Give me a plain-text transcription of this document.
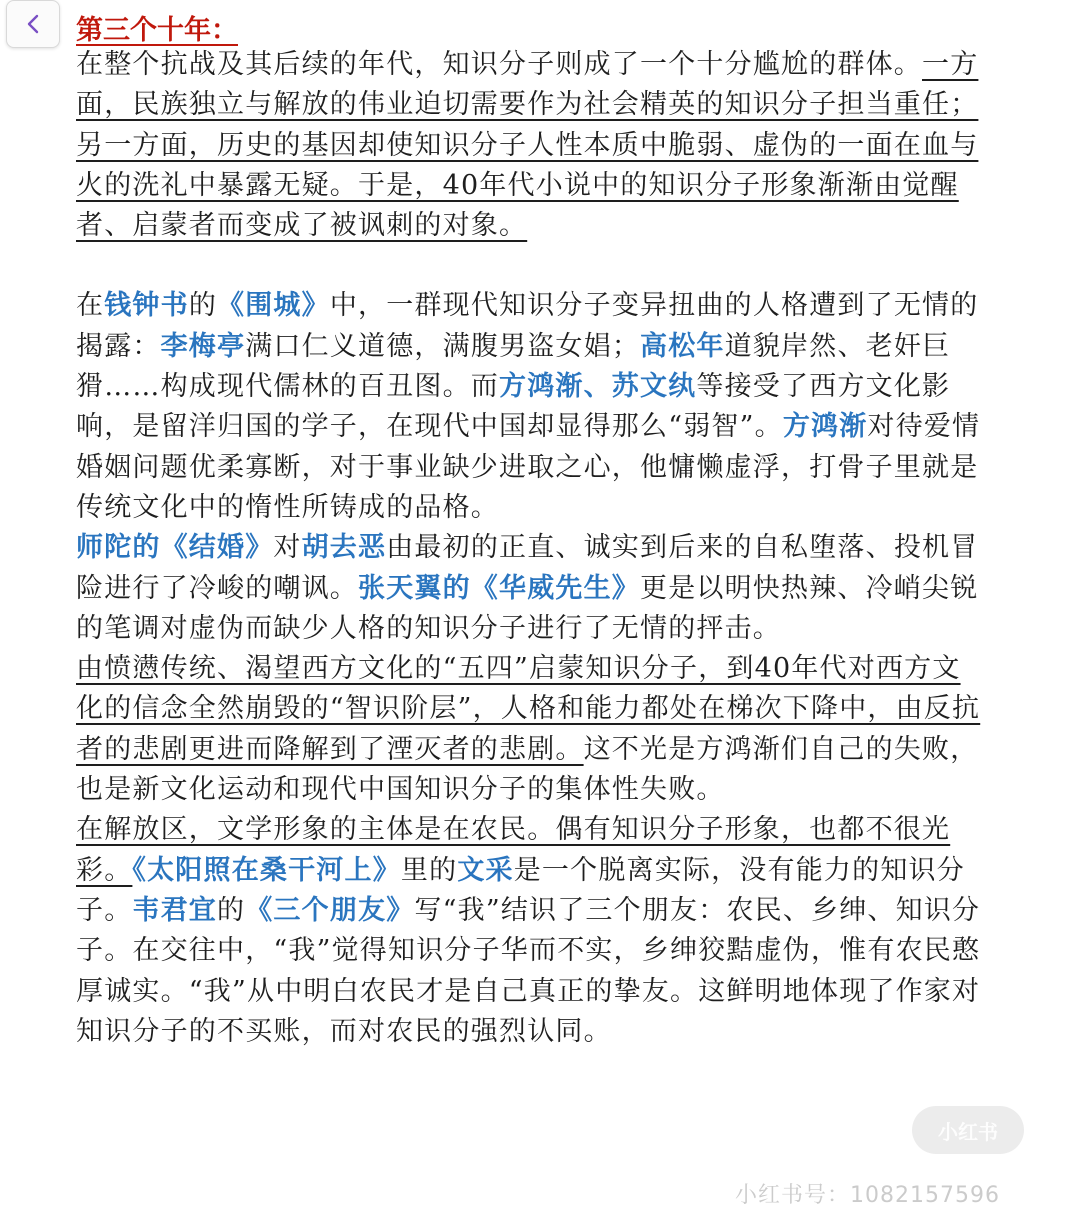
第三个十年：

在整个抗战及其后续的年代，知识分子则成了一个十分尴尬的群体。一方面，民族独立与解放的伟业迫切需要作为社会精英的知识分子担当重任；另一方面，历史的基因却使知识分子人性本质中脆弱、虚伪的一面在血与火的洗礼中暴露无疑。于是，40年代小说中的知识分子形象渐渐由觉醒者、启蒙者而变成了被讽刺的对象。

在钱钟书的《围城》中，一群现代知识分子变异扭曲的人格遭到了无情的揭露：李梅亭满口仁义道德，满腹男盗女娼；高松年道貌岸然、老奸巨猾……构成现代儒林的百丑图。而方鸿渐、苏文纨等接受了西方文化影响，是留洋归国的学子，在现代中国却显得那么“弱智”。方鸿渐对待爱情婚姻问题优柔寡断，对于事业缺少进取之心，他慵懒虚浮，打骨子里就是传统文化中的惰性所铸成的品格。

师陀的《结婚》对胡去恶由最初的正直、诚实到后来的自私堕落、投机冒险进行了冷峻的嘲讽。张天翼的《华威先生》更是以明快热辣、冷峭尖锐的笔调对虚伪而缺少人格的知识分子进行了无情的抨击。

由愤懑传统、渴望西方文化的“五四”启蒙知识分子，到40年代对西方文化的信念全然崩毁的“智识阶层”，人格和能力都处在梯次下降中，由反抗者的悲剧更进而降解到了湮灭者的悲剧。这不光是方鸿渐们自己的失败，也是新文化运动和现代中国知识分子的集体性失败。

在解放区，文学形象的主体是在农民。偶有知识分子形象，也都不很光彩。《太阳照在桑干河上》里的文采是一个脱离实际，没有能力的知识分子。韦君宜的《三个朋友》写“我”结识了三个朋友：农民、乡绅、知识分子。在交往中，“我”觉得知识分子华而不实，乡绅狡黠虚伪，惟有农民憨厚诚实。“我”从中明白农民才是自己真正的挚友。这鲜明地体现了作家对知识分子的不买账，而对农民的强烈认同。

小红书
小红书号：1082157596
